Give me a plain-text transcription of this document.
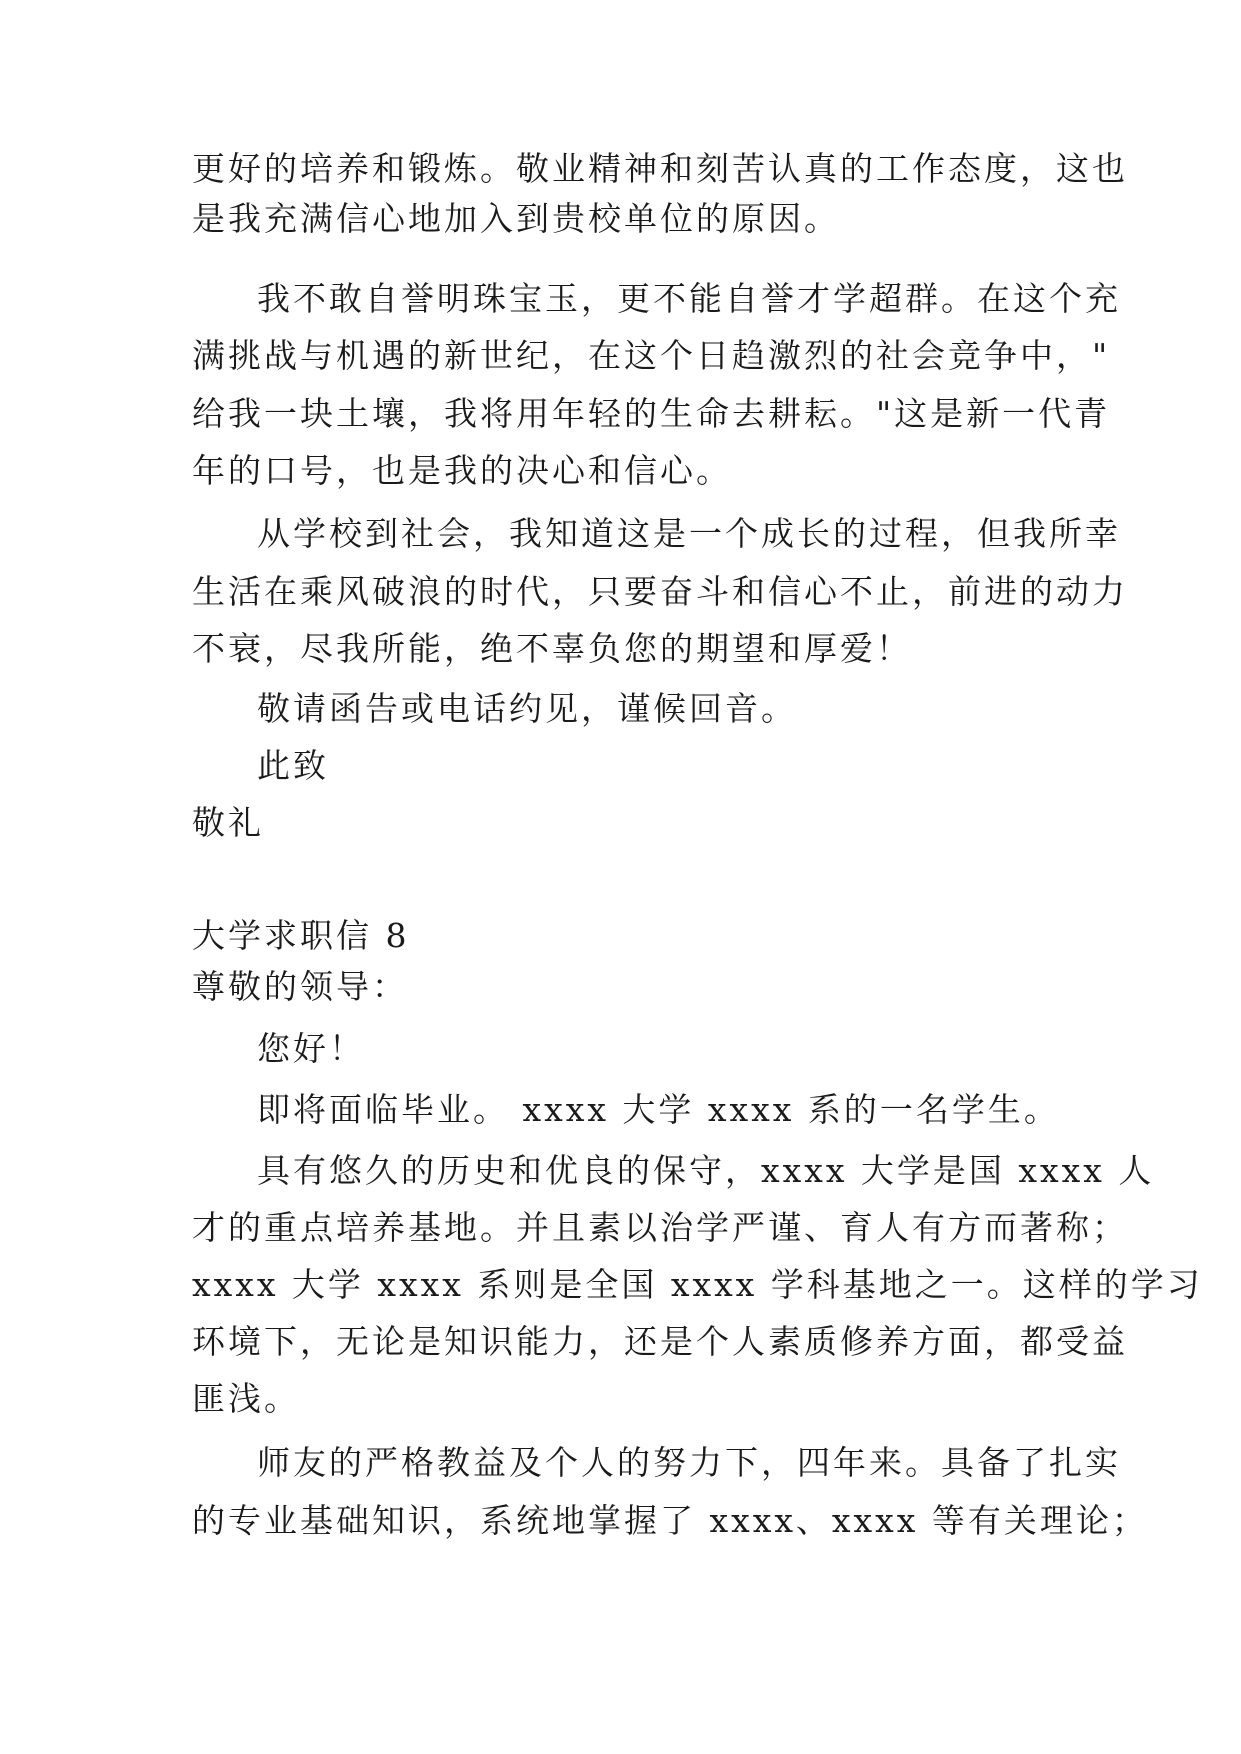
更好的培养和锻炼。敬业精神和刻苦认真的工作态度，这也
是我充满信心地加入到贵校单位的原因。
我不敢自誉明珠宝玉，更不能自誉才学超群。在这个充
满挑战与机遇的新世纪，在这个日趋激烈的社会竞争中，"
给我一块土壤，我将用年轻的生命去耕耘。"这是新一代青
年的口号，也是我的决心和信心。
从学校到社会，我知道这是一个成长的过程，但我所幸
生活在乘风破浪的时代，只要奋斗和信心不止，前进的动力
不衰，尽我所能，绝不辜负您的期望和厚爱！
敬请函告或电话约见，谨候回音。
此致
敬礼
大学求职信 8
尊敬的领导：
您好！
即将面临毕业。 xxxx 大学 xxxx 系的一名学生。
具有悠久的历史和优良的保守，xxxx 大学是国 xxxx 人
才的重点培养基地。并且素以治学严谨、育人有方而著称；
xxxx 大学 xxxx 系则是全国 xxxx 学科基地之一。这样的学习
环境下，无论是知识能力，还是个人素质修养方面，都受益
匪浅。
师友的严格教益及个人的努力下，四年来。具备了扎实
的专业基础知识，系统地掌握了 xxxx、xxxx 等有关理论；
